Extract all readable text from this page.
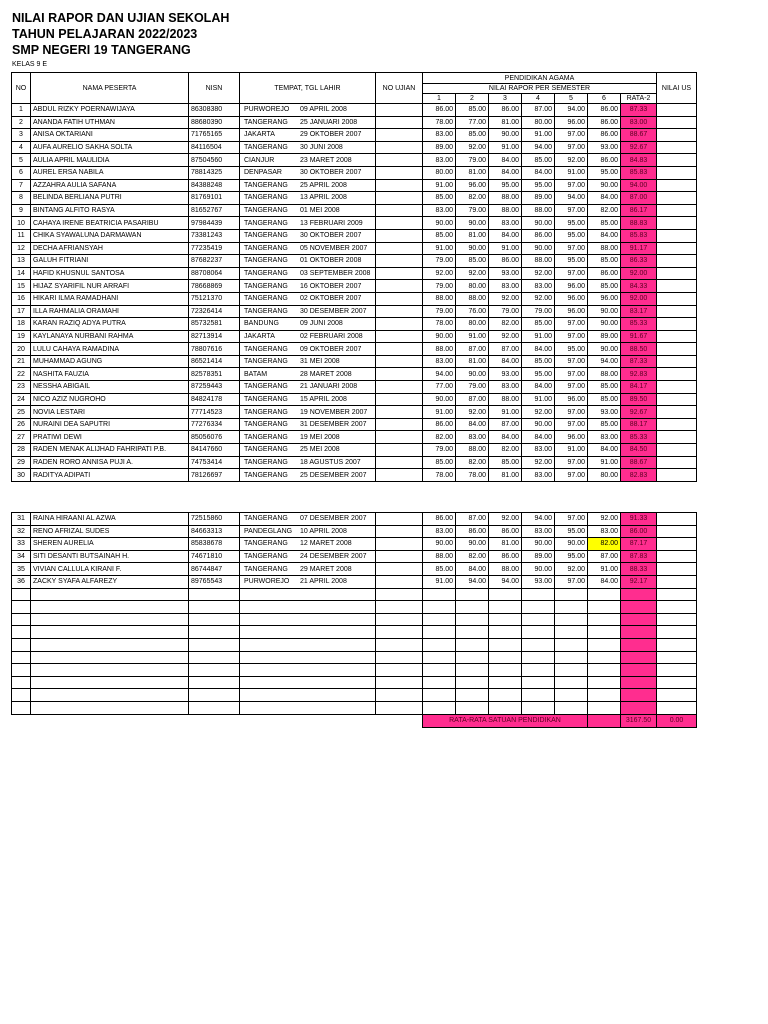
NILAI RAPOR DAN UJIAN SEKOLAH
TAHUN PELAJARAN 2022/2023
SMP NEGERI 19 TANGERANG
KELAS 9 E
NO	NAMA PESERTA	NISN	TEMPAT, TGL LAHIR	NO UJIAN	PENDIDIKAN AGAMA							NILAI US
					NILAI RAPOR PER SEMESTER							
					1	2	3	4	5	6	RATA-2	
1	ABDUL RIZKY POERNAWIJAYA	86308380	PURWOREJO 09 APRIL 2008		86.00	85.00	86.00	87.00	94.00	86.00	87.33	
2	ANANDA FATIH UTHMAN	88680390	TANGERANG 25 JANUARI 2008		78.00	77.00	81.00	80.00	96.00	86.00	83.00	
3	ANISA OKTARIANI	71765165	JAKARTA 29 OKTOBER 2007		83.00	85.00	90.00	91.00	97.00	86.00	88.67	
4	AUFA AURELIO SAKHA SOLTA	84116504	TANGERANG 30 JUNI 2008		89.00	92.00	91.00	94.00	97.00	93.00	92.67	
5	AULIA APRIL MAULIDIA	87504560	CIANJUR 23 MARET 2008		83.00	79.00	84.00	85.00	92.00	86.00	84.83	
6	AUREL ERSA NABILA	78814325	DENPASAR 30 OKTOBER 2007		80.00	81.00	84.00	84.00	91.00	95.00	85.83	
7	AZZAHRA AULIA SAFANA	84388248	TANGERANG 25 APRIL 2008		91.00	96.00	95.00	95.00	97.00	90.00	94.00	
8	BELINDA BERLIANA PUTRI	81769101	TANGERANG 13 APRIL 2008		85.00	82.00	88.00	89.00	94.00	84.00	87.00	
9	BINTANG ALFITO RASYA	81652767	TANGERANG 01 MEI 2008		83.00	79.00	88.00	88.00	97.00	82.00	86.17	
10	CAHAYA IRENE BEATRICIA PASARIBU	97984439	TANGERANG 13 FEBRUARI 2009		90.00	90.00	83.00	90.00	95.00	85.00	88.83	
11	CHIKA SYAWALUNA DARMAWAN	73381243	TANGERANG 30 OKTOBER 2007		85.00	81.00	84.00	86.00	95.00	84.00	85.83	
12	DECHA AFRIANSYAH	77235419	TANGERANG 05 NOVEMBER 2007		91.00	90.00	91.00	90.00	97.00	88.00	91.17	
13	GALUH FITRIANI	87682237	TANGERANG 01 OKTOBER 2008		79.00	85.00	86.00	88.00	95.00	85.00	86.33	
14	HAFID KHUSNUL SANTOSA	88708064	TANGERANG 03 SEPTEMBER 2008		92.00	92.00	93.00	92.00	97.00	86.00	92.00	
15	HIJAZ SYARIFIL NUR ARRAFI	78668869	TANGERANG 16 OKTOBER 2007		79.00	80.00	83.00	83.00	96.00	85.00	84.33	
16	HIKARI ILMA RAMADHANI	75121370	TANGERANG 02 OKTOBER 2007		88.00	88.00	92.00	92.00	96.00	96.00	92.00	
17	ILLA RAHMALIA ORAMAHI	72326414	TANGERANG 30 DESEMBER 2007		79.00	76.00	79.00	79.00	96.00	90.00	83.17	
18	KARAN RAZIQ ADYA PUTRA	85732581	BANDUNG 09 JUNI 2008		78.00	80.00	82.00	85.00	97.00	90.00	85.33	
19	KAYLANAYA NURBANI RAHMA	82713914	JAKARTA 02 FEBRUARI 2008		90.00	91.00	92.00	91.00	97.00	89.00	91.67	
20	LULU CAHAYA RAMADINA	78807616	TANGERANG 09 OKTOBER 2007		88.00	87.00	87.00	84.00	95.00	90.00	88.50	
21	MUHAMMAD AGUNG	86521414	TANGERANG 31 MEI 2008		83.00	81.00	84.00	85.00	97.00	94.00	87.33	
22	NASHITA FAUZIA	82578351	BATAM 28 MARET 2008		94.00	90.00	93.00	95.00	97.00	88.00	92.83	
23	NESSHA ABIGAIL	87259443	TANGERANG 21 JANUARI 2008		77.00	79.00	83.00	84.00	97.00	85.00	84.17	
24	NICO AZIZ NUGROHO	84824178	TANGERANG 15 APRIL 2008		90.00	87.00	88.00	91.00	96.00	85.00	89.50	
25	NOVIA LESTARI	77714523	TANGERANG 19 NOVEMBER 2007		91.00	92.00	91.00	92.00	97.00	93.00	92.67	
26	NURAINI DEA SAPUTRI	77276334	TANGERANG 31 DESEMBER 2007		86.00	84.00	87.00	90.00	97.00	85.00	88.17	
27	PRATIWI DEWI	85056076	TANGERANG 19 MEI 2008		82.00	83.00	84.00	84.00	96.00	83.00	85.33	
28	RADEN MENAK ALIJHAD FAHRIPATI P.B.	84147660	TANGERANG 25 MEI 2008		79.00	88.00	82.00	83.00	91.00	84.00	84.50	
29	RADEN RORO ANNISA PUJI A.	74753414	TANGERANG 18 AGUSTUS 2007		85.00	82.00	85.00	92.00	97.00	91.00	88.67	
30	RADITYA ADIPATI	78126697	TANGERANG 25 DESEMBER 2007		78.00	78.00	81.00	83.00	97.00	80.00	82.83	
31	RAINA HIRAANI AL AZWA	72515860	TANGERANG 07 DESEMBER 2007		86.00	87.00	92.00	94.00	97.00	92.00	91.33	
32	RENO AFRIZAL SUDES	84663313	PANDEGLANG 10 APRIL 2008		83.00	86.00	86.00	83.00	95.00	83.00	86.00	
33	SHEREN AURELIA	85838678	TANGERANG 12 MARET 2008		90.00	90.00	81.00	90.00	90.00	82.00	87.17	
34	SITI DESANTI BUTSAINAH H.	74671810	TANGERANG 24 DESEMBER 2007		88.00	82.00	86.00	89.00	95.00	87.00	87.83	
35	VIVIAN CALLULA KIRANI F.	86744847	TANGERANG 29 MARET 2008		85.00	84.00	88.00	90.00	92.00	91.00	88.33	
36	ZACKY SYAFA ALFAREZY	89765543	PURWOREJO 21 APRIL 2008		91.00	94.00	94.00	93.00	97.00	84.00	92.17	

					RATA-RATA SATUAN PENDIDIKAN						3167.50	0.00
